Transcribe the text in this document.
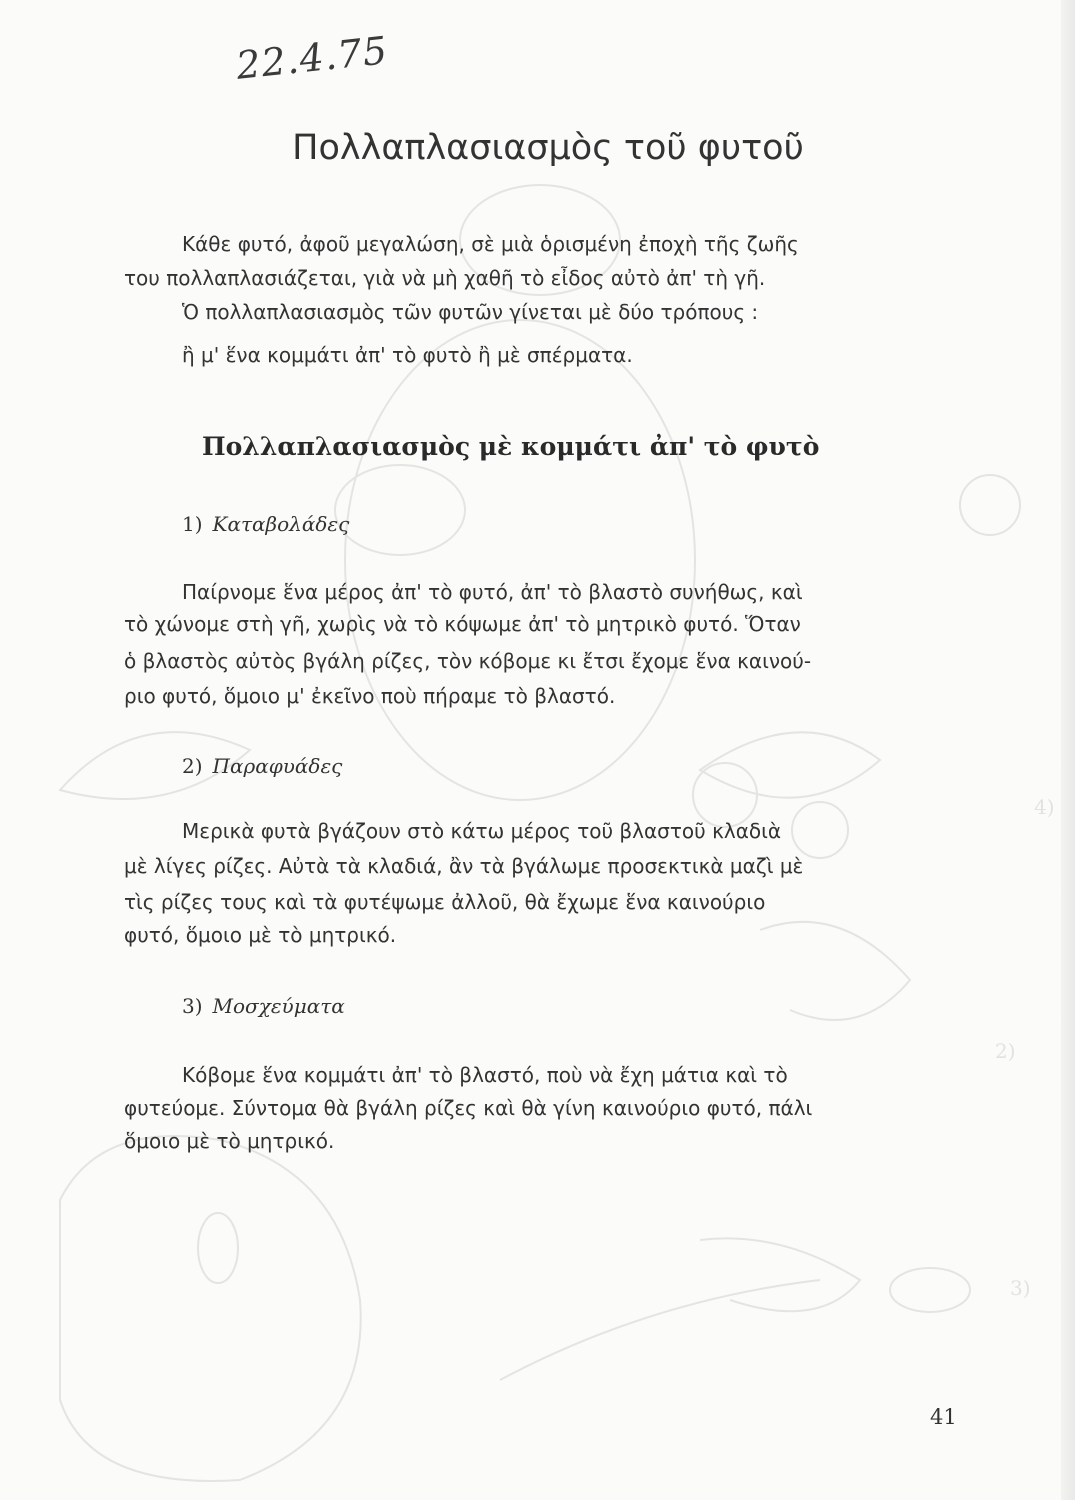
4)
2)
3)
22.4.75
Πολλαπλασιασμὸς τοῦ φυτοῦ
Κάθε φυτό, ἀφοῦ μεγαλώση, σὲ μιὰ ὁρισμένη ἐποχὴ τῆς ζωῆς
του πολλαπλασιάζεται, γιὰ νὰ μὴ χαθῆ τὸ εἶδος αὐτὸ ἀπ' τὴ γῆ.
Ὁ πολλαπλασιασμὸς τῶν φυτῶν γίνεται μὲ δύο τρόπους :
ἢ μ' ἕνα κομμάτι ἀπ' τὸ φυτὸ ἢ μὲ σπέρματα.
Πολλαπλασιασμὸς μὲ κομμάτι ἀπ' τὸ φυτὸ
1) Καταβολάδες
Παίρνομε ἕνα μέρος ἀπ' τὸ φυτό, ἀπ' τὸ βλαστὸ συνήθως, καὶ
τὸ χώνομε στὴ γῆ, χωρὶς νὰ τὸ κόψωμε ἀπ' τὸ μητρικὸ φυτό. Ὅταν
ὁ βλαστὸς αὐτὸς βγάλη ρίζες, τὸν κόβομε κι ἔτσι ἔχομε ἕνα καινού-
ριο φυτό, ὅμοιο μ' ἐκεῖνο ποὺ πήραμε τὸ βλαστό.
2) Παραφυάδες
Μερικὰ φυτὰ βγάζουν στὸ κάτω μέρος τοῦ βλαστοῦ κλαδιὰ
μὲ λίγες ρίζες. Αὐτὰ τὰ κλαδιά, ἂν τὰ βγάλωμε προσεκτικὰ μαζὶ μὲ
τὶς ρίζες τους καὶ τὰ φυτέψωμε ἀλλοῦ, θὰ ἔχωμε ἕνα καινούριο
φυτό, ὅμοιο μὲ τὸ μητρικό.
3) Μοσχεύματα
Κόβομε ἕνα κομμάτι ἀπ' τὸ βλαστό, ποὺ νὰ ἔχη μάτια καὶ τὸ
φυτεύομε. Σύντομα θὰ βγάλη ρίζες καὶ θὰ γίνη καινούριο φυτό, πάλι
ὅμοιο μὲ τὸ μητρικό.
41
